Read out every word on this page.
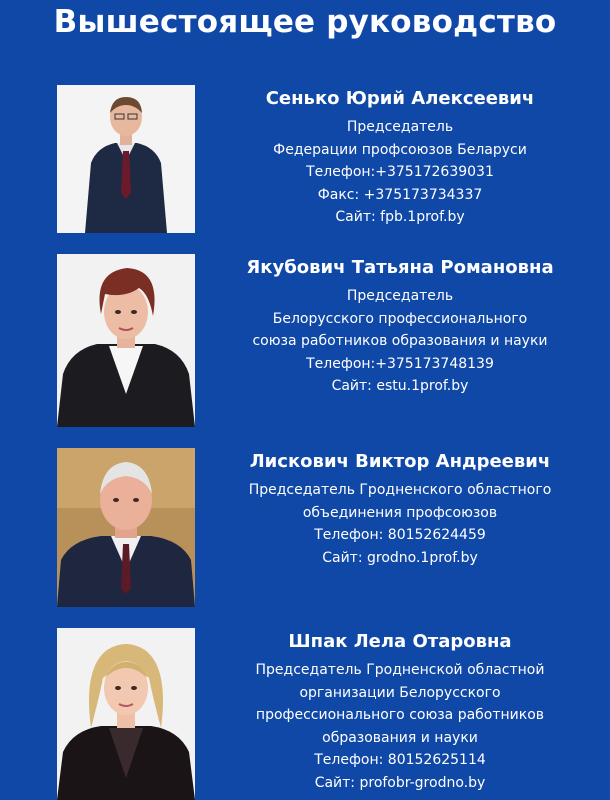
Вышестоящее руководство
Сенько Юрий Алексеевич
Председатель
Федерации профсоюзов Беларуси
Телефон:+375172639031
Факс: +375173734337
Сайт: fpb.1prof.by
Якубович Татьяна Романовна
Председатель
Белорусского профессионального
союза работников образования и науки
Телефон:+375173748139
Сайт: estu.1prof.by
Лискович Виктор Андреевич
Председатель Гродненского областного
объединения профсоюзов
Телефон: 80152624459
Сайт: grodno.1prof.by
Шпак Лела Отаровна
Председатель Гродненской областной
организации Белорусского
профессионального союза работников
образования и науки
Телефон: 80152625114
Сайт: profobr-grodno.by
